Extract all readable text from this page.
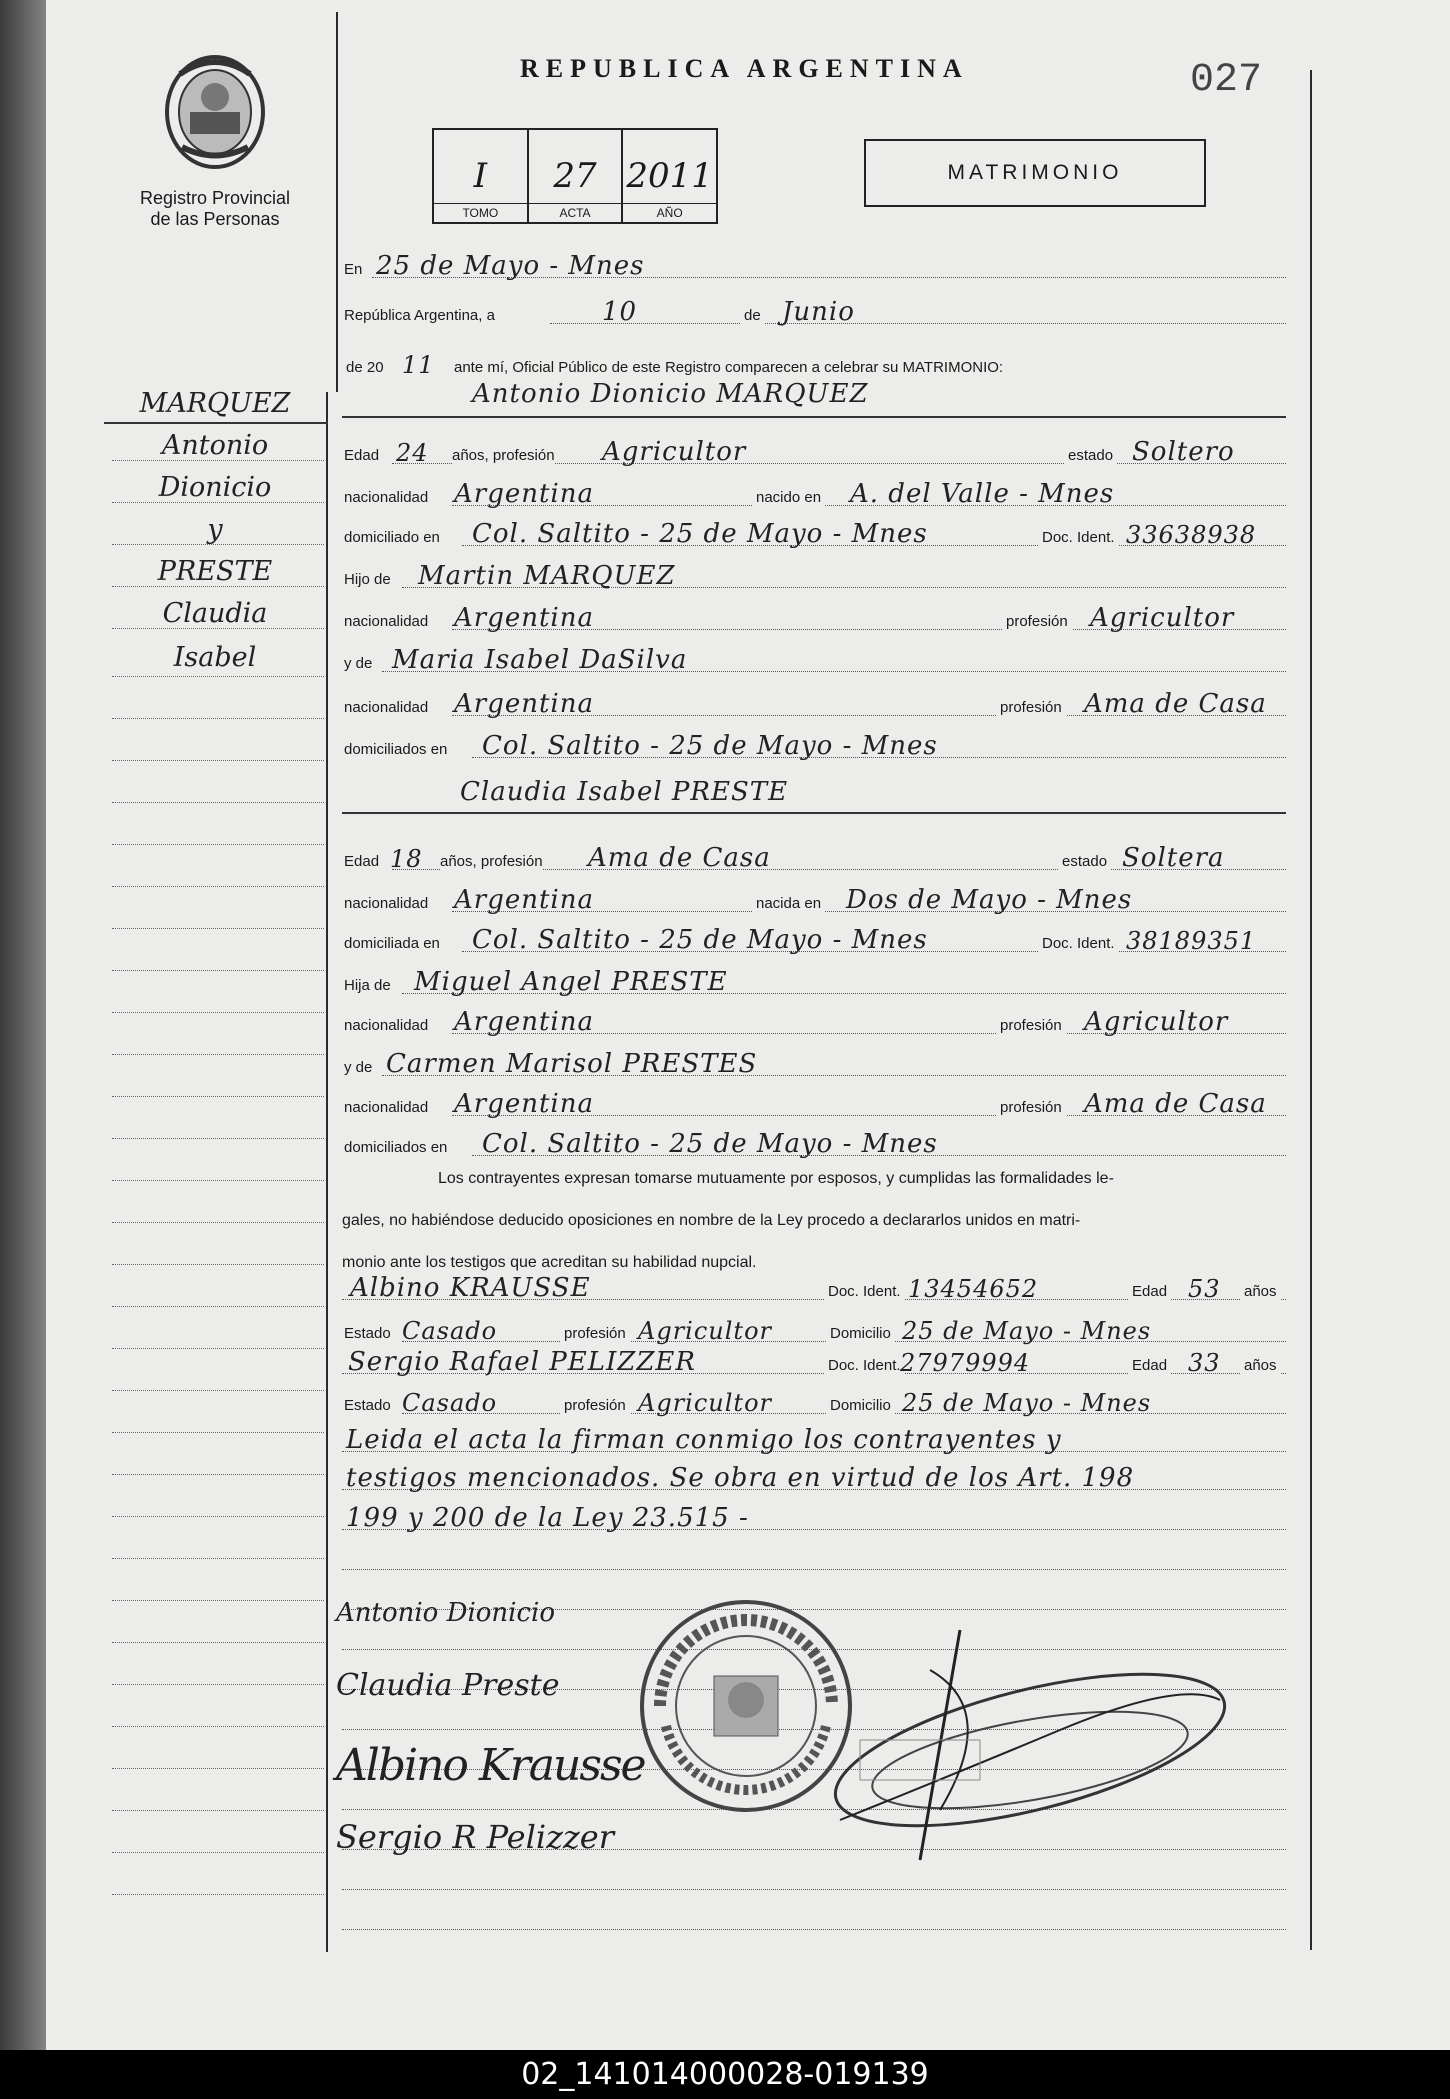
REPUBLICA ARGENTINA	027
Registro Provincial
de las Personas
I
TOMO
27
ACTA
2011
AÑO
MATRIMONIO
MARQUEZ
Antonio
Dionicio
y
PRESTE
Claudia
Isabel
En 25 de Mayo - Mnes
República Argentina, a	10	de Junio
de 20 11 ante mí, Oficial Público de este Registro comparecen a celebrar su MATRIMONIO:
Antonio Dionicio MARQUEZ
Edad 24 años, profesión Agricultor	estado Soltero
nacionalidad Argentina	nacido en A. del Valle - Mnes
domiciliado en Col. Saltito - 25 de Mayo - Mnes	Doc. Ident. 33638938
Hijo de Martin MARQUEZ
nacionalidad Argentina	profesión Agricultor
y de Maria Isabel DaSilva
nacionalidad Argentina	profesión Ama de Casa
domiciliados en Col. Saltito - 25 de Mayo - Mnes
Claudia Isabel PRESTE
Edad 18 años, profesión Ama de Casa	estado Soltera
nacionalidad Argentina	nacida en Dos de Mayo - Mnes
domiciliada en Col. Saltito - 25 de Mayo - Mnes	Doc. Ident. 38189351
Hija de Miguel Angel PRESTE
nacionalidad Argentina	profesión Agricultor
y de Carmen Marisol PRESTES
nacionalidad Argentina	profesión Ama de Casa
domiciliados en Col. Saltito - 25 de Mayo - Mnes
Los contrayentes expresan tomarse mutuamente por esposos, y cumplidas las formalidades le-
gales, no habiéndose deducido oposiciones en nombre de la Ley procedo a declararlos unidos en matri-
monio ante los testigos que acreditan su habilidad nupcial.
Albino KRAUSSE	Doc. Ident. 13454652	Edad 53 años
Estado Casado	profesión Agricultor	Domicilio 25 de Mayo - Mnes
Sergio Rafael PELIZZER	Doc. Ident. 27979994	Edad 33 años
Estado Casado	profesión Agricultor	Domicilio 25 de Mayo - Mnes
Leida el acta la firman conmigo los contrayentes y
testigos mencionados. Se obra en virtud de los Art. 198
199 y 200 de la Ley 23.515 -
Antonio Dionicio
Claudia Preste
Albino Krausse
Sergio R Pelizzer
02_141014000028-019139
